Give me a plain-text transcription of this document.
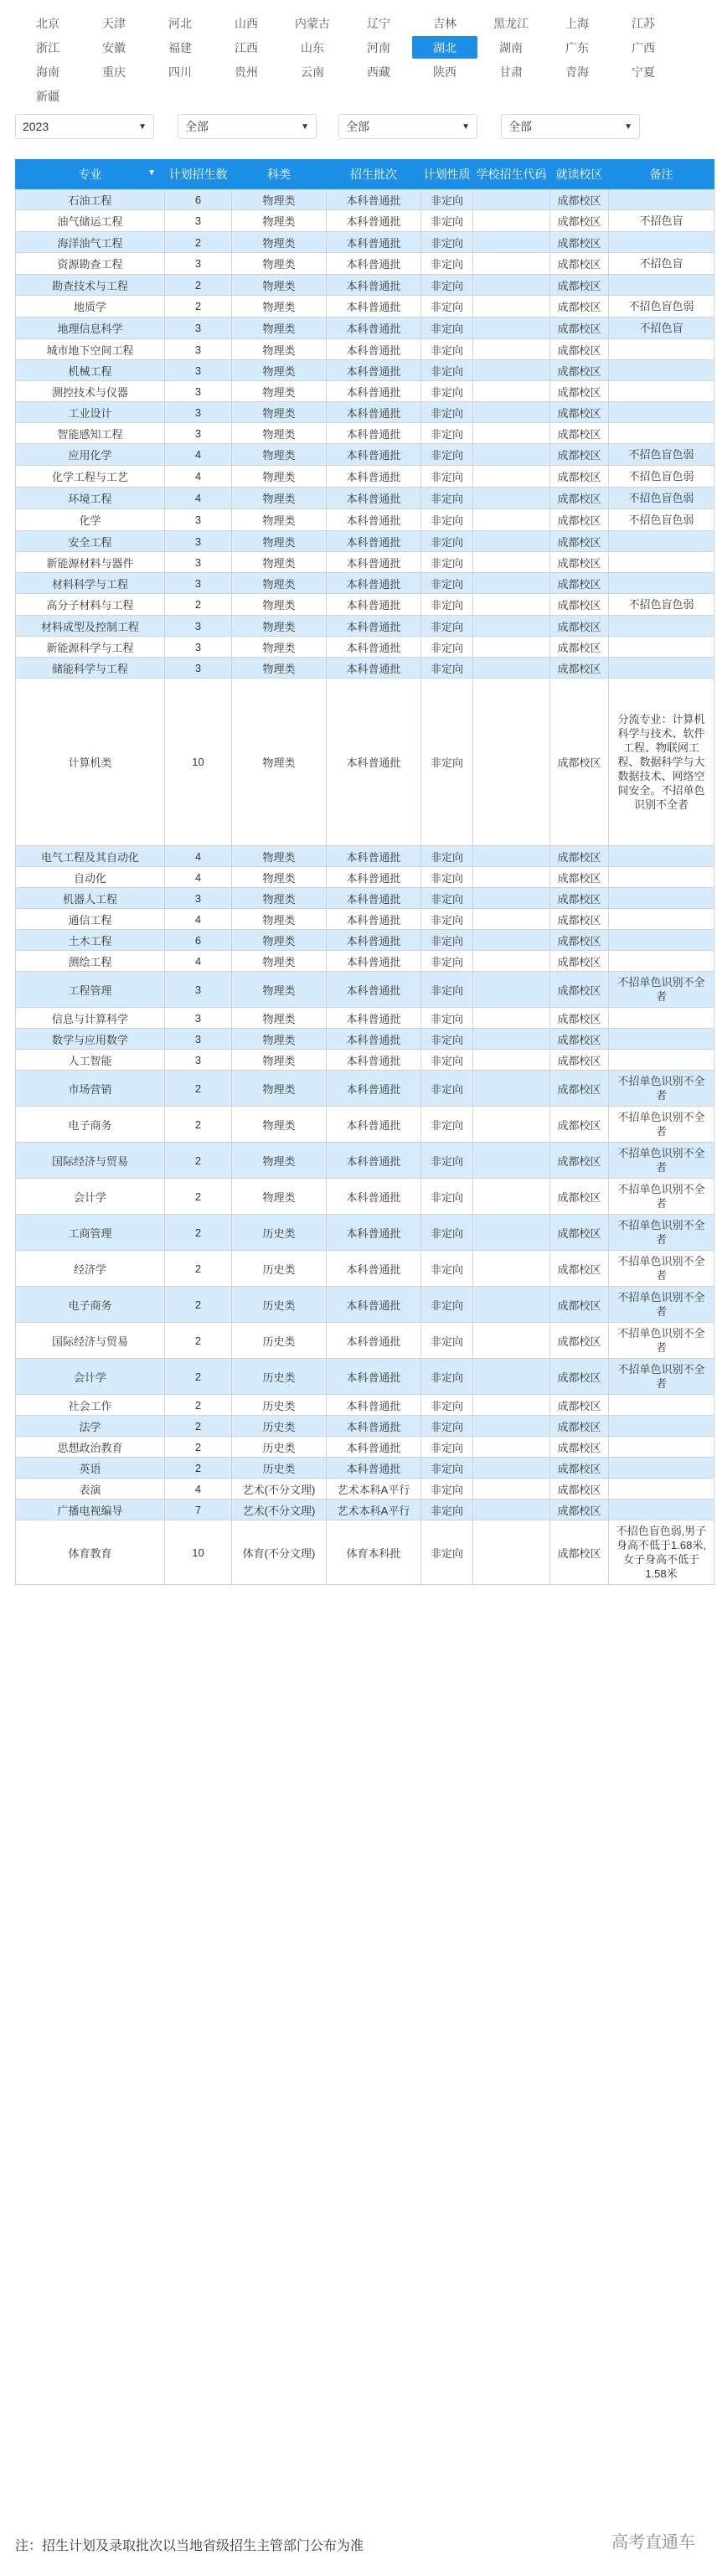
北京	天津	河北	山西	内蒙古	辽宁	吉林	黑龙江	上海	江苏
浙江	安徽	福建	江西	山东	河南	湖北	湖南	广东	广西
海南	重庆	四川	贵州	云南	西藏	陕西	甘肃	青海	宁夏
新疆
2023	▼	全部	▼	全部	▼	全部	▼
专业 ▼	计划招生数	科类	招生批次	计划性质	学校招生代码	就读校区	备注
石油工程	6	物理类	本科普通批	非定向		成都校区	
油气储运工程	3	物理类	本科普通批	非定向		成都校区	不招色盲
海洋油气工程	2	物理类	本科普通批	非定向		成都校区	
资源勘查工程	3	物理类	本科普通批	非定向		成都校区	不招色盲
勘查技术与工程	2	物理类	本科普通批	非定向		成都校区	
地质学	2	物理类	本科普通批	非定向		成都校区	不招色盲色弱
地理信息科学	3	物理类	本科普通批	非定向		成都校区	不招色盲
城市地下空间工程	3	物理类	本科普通批	非定向		成都校区	
机械工程	3	物理类	本科普通批	非定向		成都校区	
测控技术与仪器	3	物理类	本科普通批	非定向		成都校区	
工业设计	3	物理类	本科普通批	非定向		成都校区	
智能感知工程	3	物理类	本科普通批	非定向		成都校区	
应用化学	4	物理类	本科普通批	非定向		成都校区	不招色盲色弱
化学工程与工艺	4	物理类	本科普通批	非定向		成都校区	不招色盲色弱
环境工程	4	物理类	本科普通批	非定向		成都校区	不招色盲色弱
化学	3	物理类	本科普通批	非定向		成都校区	不招色盲色弱
安全工程	3	物理类	本科普通批	非定向		成都校区	
新能源材料与器件	3	物理类	本科普通批	非定向		成都校区	
材料科学与工程	3	物理类	本科普通批	非定向		成都校区	
高分子材料与工程	2	物理类	本科普通批	非定向		成都校区	不招色盲色弱
材料成型及控制工程	3	物理类	本科普通批	非定向		成都校区	
新能源科学与工程	3	物理类	本科普通批	非定向		成都校区	
储能科学与工程	3	物理类	本科普通批	非定向		成都校区	
计算机类	10	物理类	本科普通批	非定向		成都校区	分流专业：计算机科学与技术、软件工程、物联网工程、数据科学与大数据技术、网络空间安全。不招单色识别不全者
电气工程及其自动化	4	物理类	本科普通批	非定向		成都校区	
自动化	4	物理类	本科普通批	非定向		成都校区	
机器人工程	3	物理类	本科普通批	非定向		成都校区	
通信工程	4	物理类	本科普通批	非定向		成都校区	
土木工程	6	物理类	本科普通批	非定向		成都校区	
测绘工程	4	物理类	本科普通批	非定向		成都校区	
工程管理	3	物理类	本科普通批	非定向		成都校区	不招单色识别不全者
信息与计算科学	3	物理类	本科普通批	非定向		成都校区	
数学与应用数学	3	物理类	本科普通批	非定向		成都校区	
人工智能	3	物理类	本科普通批	非定向		成都校区	
市场营销	2	物理类	本科普通批	非定向		成都校区	不招单色识别不全者
电子商务	2	物理类	本科普通批	非定向		成都校区	不招单色识别不全者
国际经济与贸易	2	物理类	本科普通批	非定向		成都校区	不招单色识别不全者
会计学	2	物理类	本科普通批	非定向		成都校区	不招单色识别不全者
工商管理	2	历史类	本科普通批	非定向		成都校区	不招单色识别不全者
经济学	2	历史类	本科普通批	非定向		成都校区	不招单色识别不全者
电子商务	2	历史类	本科普通批	非定向		成都校区	不招单色识别不全者
国际经济与贸易	2	历史类	本科普通批	非定向		成都校区	不招单色识别不全者
会计学	2	历史类	本科普通批	非定向		成都校区	不招单色识别不全者
社会工作	2	历史类	本科普通批	非定向		成都校区	
法学	2	历史类	本科普通批	非定向		成都校区	
思想政治教育	2	历史类	本科普通批	非定向		成都校区	
英语	2	历史类	本科普通批	非定向		成都校区	
表演	4	艺术(不分文理)	艺术本科A平行	非定向		成都校区	
广播电视编导	7	艺术(不分文理)	艺术本科A平行	非定向		成都校区	
体育教育	10	体育(不分文理)	体育本科批	非定向		成都校区	不招色盲色弱,男子身高不低于1.68米,女子身高不低于1.58米
注：招生计划及录取批次以当地省级招生主管部门公布为准	高考直通车
